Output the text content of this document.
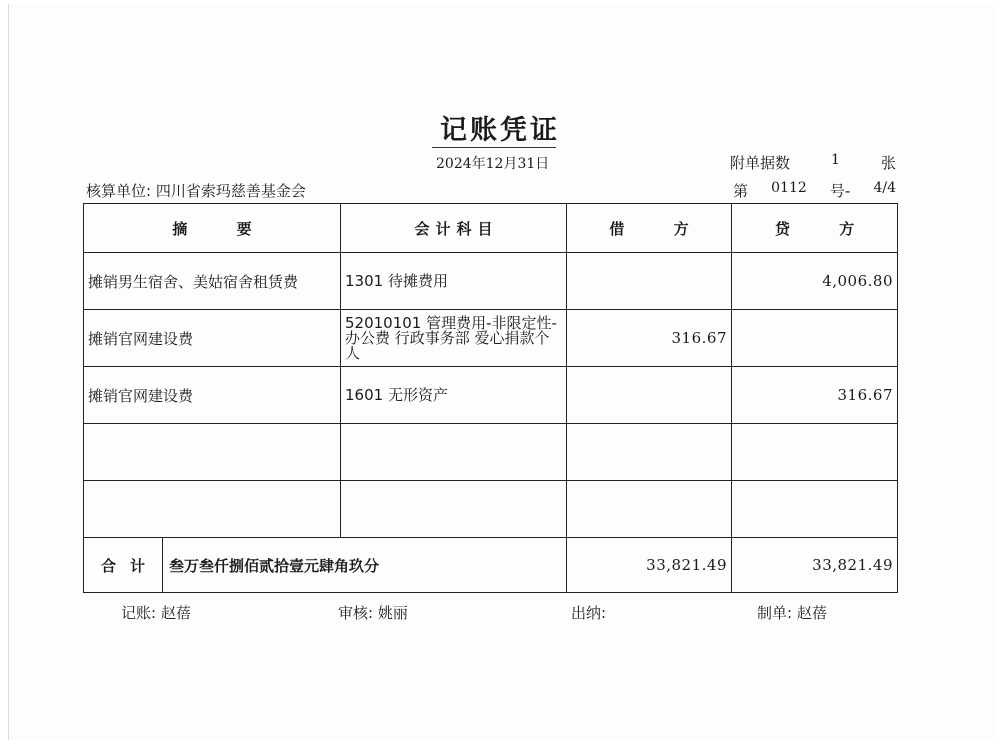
记账凭证
2024年12月31日	附单据数	1	张
核算单位: 四川省索玛慈善基金会	第 0112 号- 4/4
摘 要	会计科目	借 方	贷 方
摊销男生宿舍、美姑宿舍租赁费	1301 待摊费用		4,006.80
摊销官网建设费	52010101 管理费用-非限定性-办公费 行政事务部 爱心捐款个人	316.67	
摊销官网建设费	1601 无形资产		316.67

合计 叁万叁仟捌佰贰拾壹元肆角玖分		33,821.49	33,821.49
记账: 赵蓓	审核: 姚丽	出纳:	制单: 赵蓓
